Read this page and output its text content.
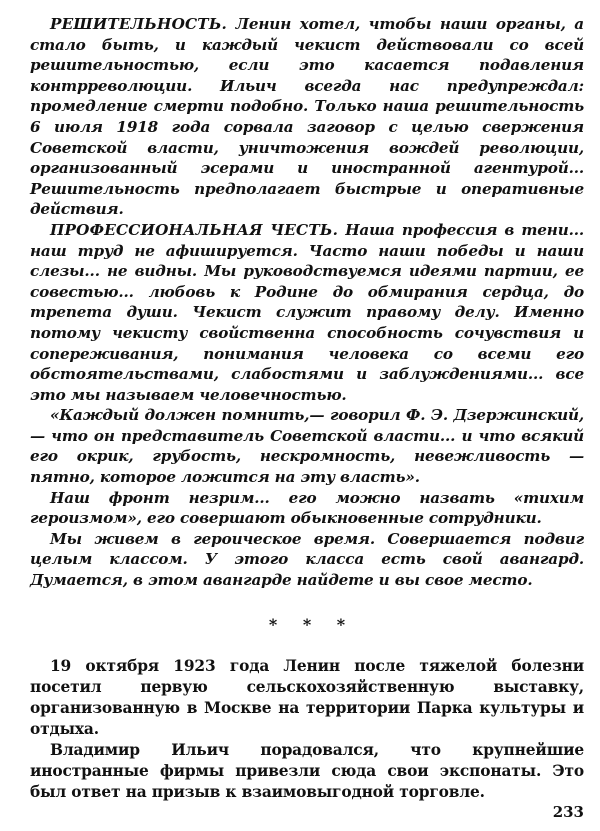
РЕШИТЕЛЬНОСТЬ. Ленин хотел, чтобы наши органы, а стало быть, и каждый чекист действовали со всей решительностью, если это касается подавления контрреволюции. Ильич всегда нас предупреждал: промедление смерти подобно. Только наша решительность 6 июля 1918 года сорвала заговор с целью свержения Советской власти, уничтожения вождей революции, организованный эсерами и иностранной агентурой... Решительность предполагает быстрые и оперативные действия.

ПРОФЕССИОНАЛЬНАЯ ЧЕСТЬ. Наша профессия в тени... наш труд не афишируется. Часто наши победы и наши слезы... не видны. Мы руководствуемся идеями партии, ее совестью... любовь к Родине до обмирания сердца, до трепета души. Чекист служит правому делу. Именно потому чекисту свойственна способность сочувствия и сопереживания, понимания человека со всеми его обстоятельствами, слабостями и заблуждениями... все это мы называем человечностью.

«Каждый должен помнить,— говорил Ф. Э. Дзержинский,— что он представитель Советской власти... и что всякий его окрик, грубость, нескромность, невежливость — пятно, которое ложится на эту власть».

Наш фронт незрим... его можно назвать «тихим героизмом», его совершают обыкновенные сотрудники.

Мы живем в героическое время. Совершается подвиг целым классом. У этого класса есть свой авангард. Думается, в этом авангарде найдете и вы свое место.

* * *

19 октября 1923 года Ленин после тяжелой болезни посетил первую сельскохозяйственную выставку, организованную в Москве на территории Парка культуры и отдыха.

Владимир Ильич порадовался, что крупнейшие иностранные фирмы привезли сюда свои экспонаты. Это был ответ на призыв к взаимовыгодной торговле.

233
